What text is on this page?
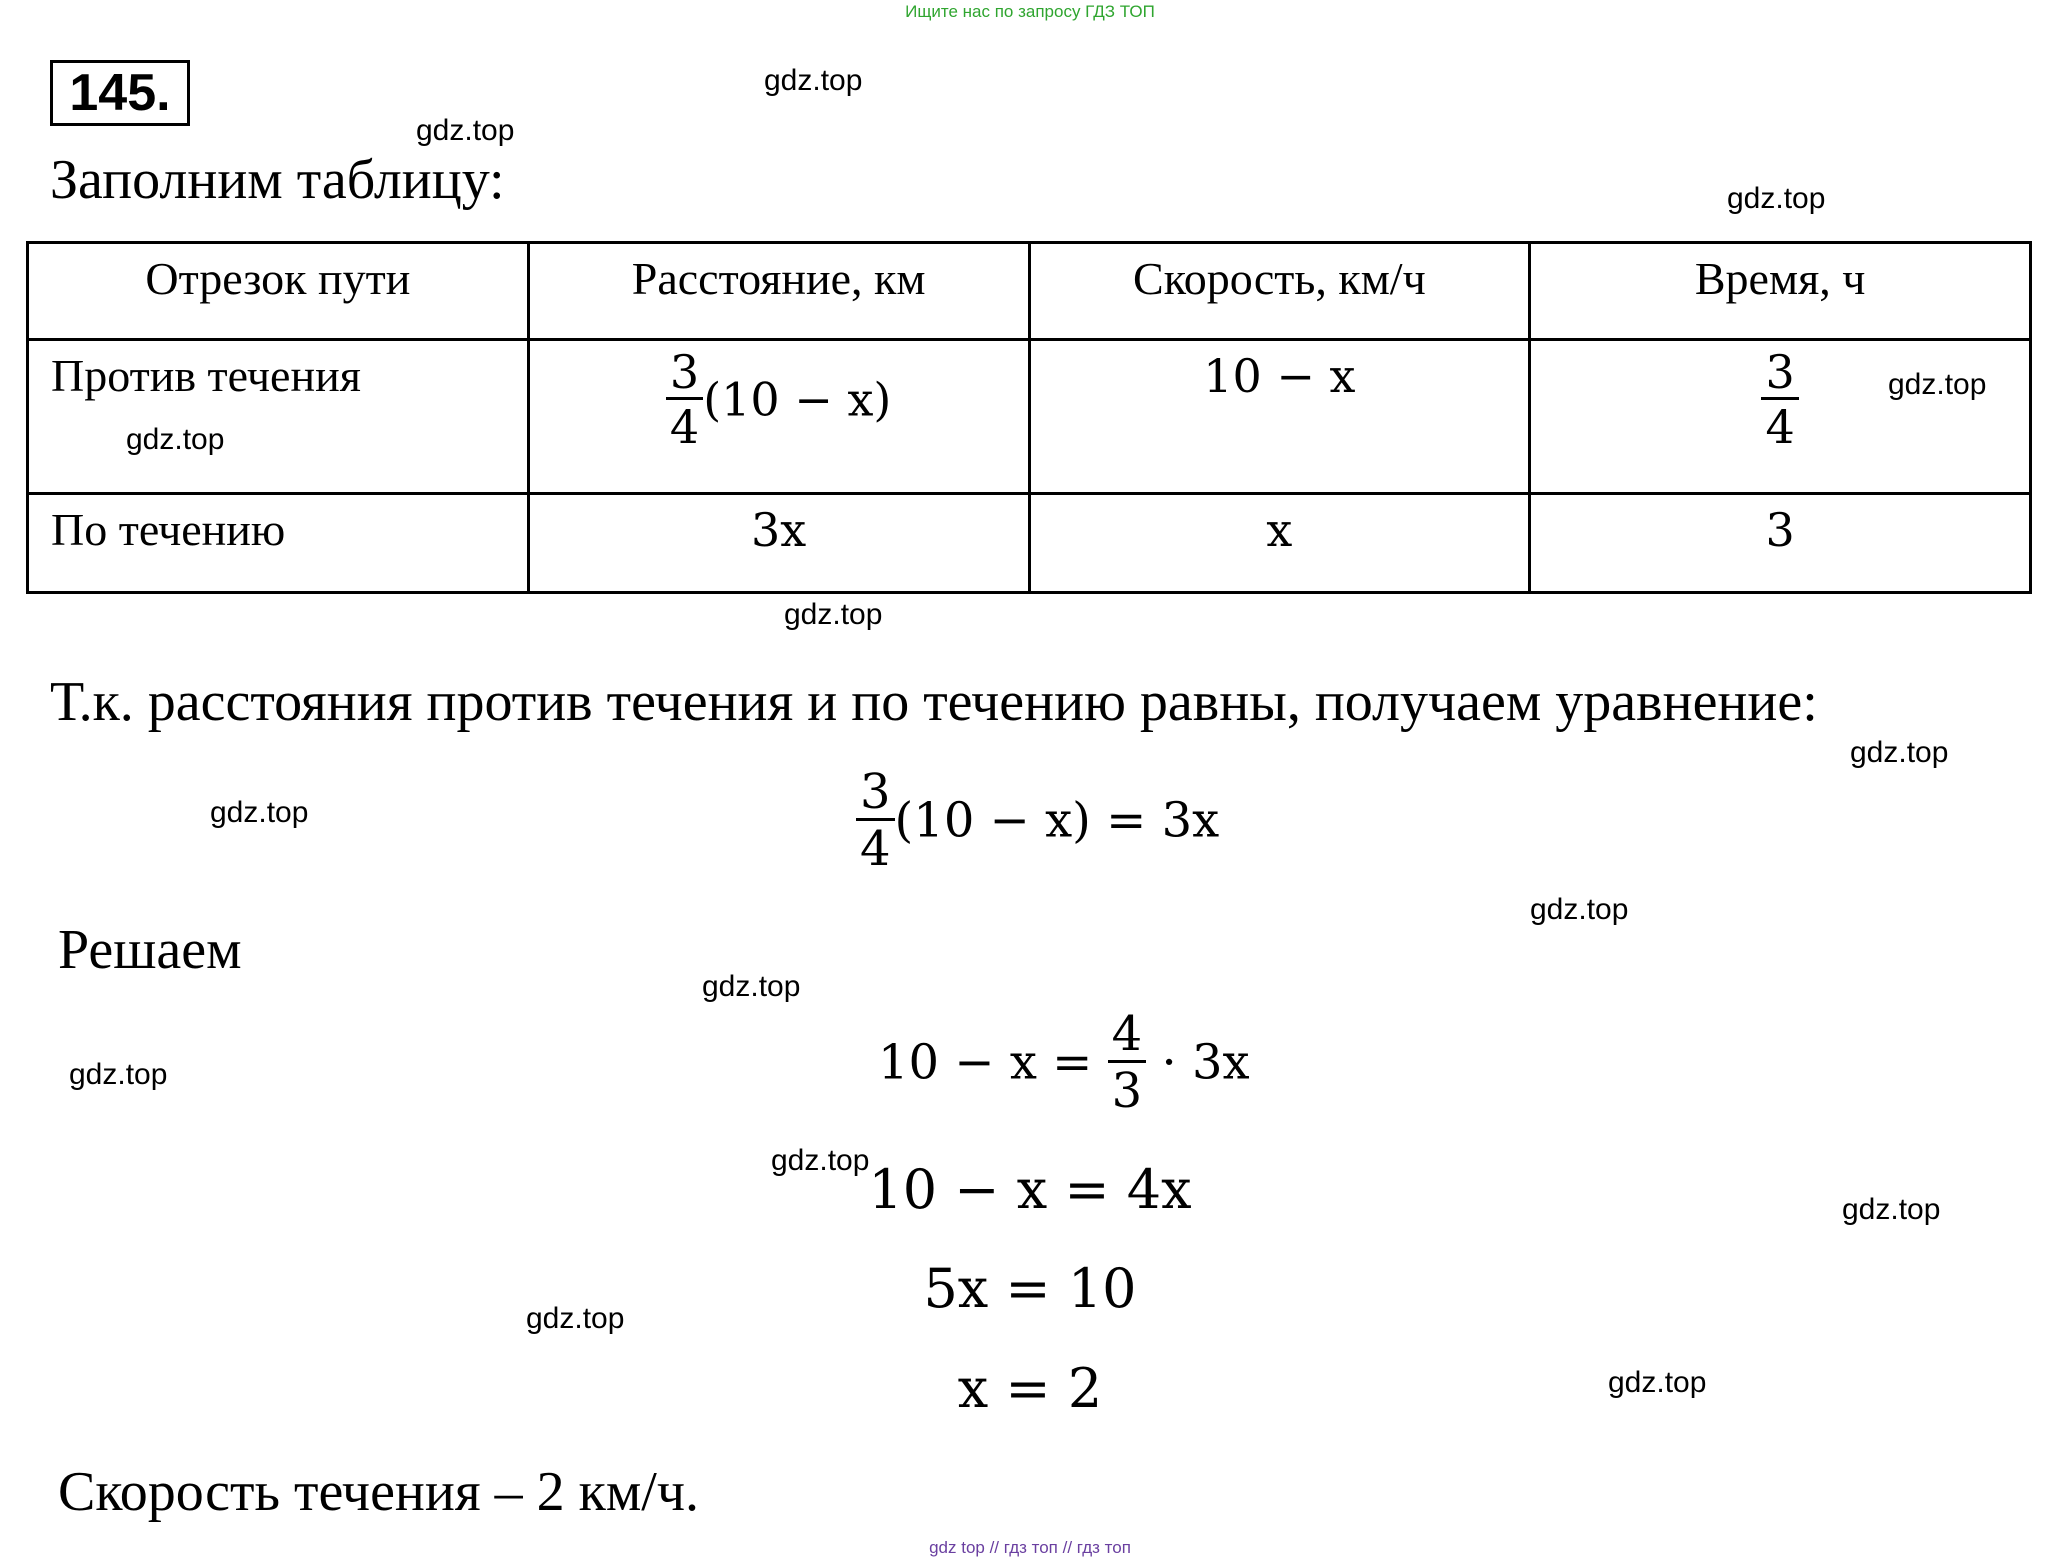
Ищите нас по запросу ГДЗ ТОП
145.
Заполним таблицу:
Отрезок пути	Расстояние, км	Скорость, км/ч	Время, ч
Против течения	$\frac{3}{4} (10 - x)$	10 − x	$\frac{3}{4}$

По течению	3x	x	3
Т.к. расстояния против течения и по течению равны, получаем уравнение:
$\frac{3}{4} (10 - x) = 3x$
Решаем
$10 - x = \frac{4}{3} \cdot 3x$
10 − x = 4x
5x = 10
x = 2
Скорость течения – 2 км/ч.
gdz.top
gdz.top
gdz.top
gdz.top
gdz.top
gdz.top
gdz.top
gdz.top
gdz.top
gdz.top
gdz.top
gdz.top
gdz.top
gdz.top
gdz.top
gdz top // гдз топ // гдз топ
